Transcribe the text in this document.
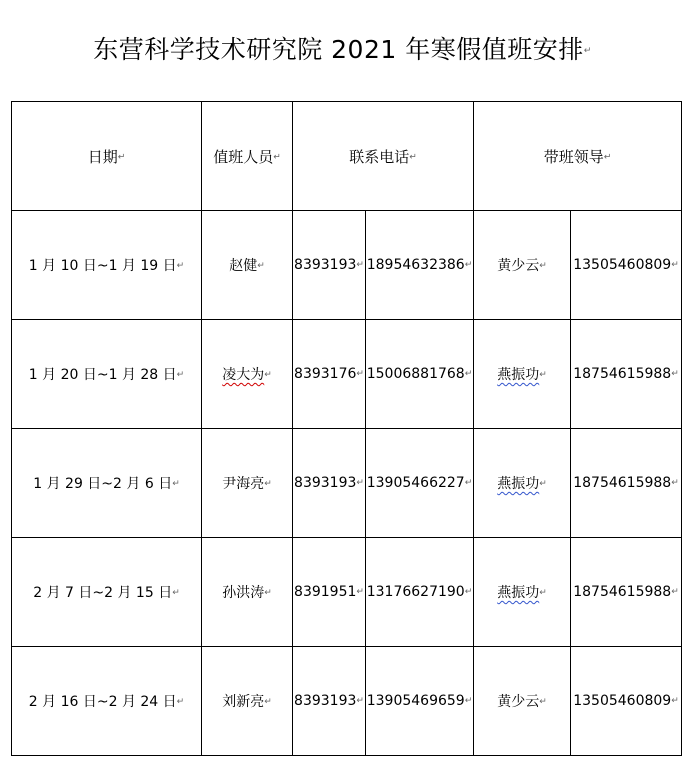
东营科学技术研究院 2021 年寒假值班安排↵
日期↵	值班人员↵	联系电话↵		带班领导↵	
1 月 10 日~1 月 19 日↵	赵健↵	8393193↵	18954632386↵	黄少云↵	13505460809↵
1 月 20 日~1 月 28 日↵	凌大为↵	8393176↵	15006881768↵	燕振功↵	18754615988↵
1 月 29 日~2 月 6 日↵	尹海亮↵	8393193↵	13905466227↵	燕振功↵	18754615988↵
2 月 7 日~2 月 15 日↵	孙洪涛↵	8391951↵	13176627190↵	燕振功↵	18754615988↵
2 月 16 日~2 月 24 日↵	刘新亮↵	8393193↵	13905469659↵	黄少云↵	13505460809↵
